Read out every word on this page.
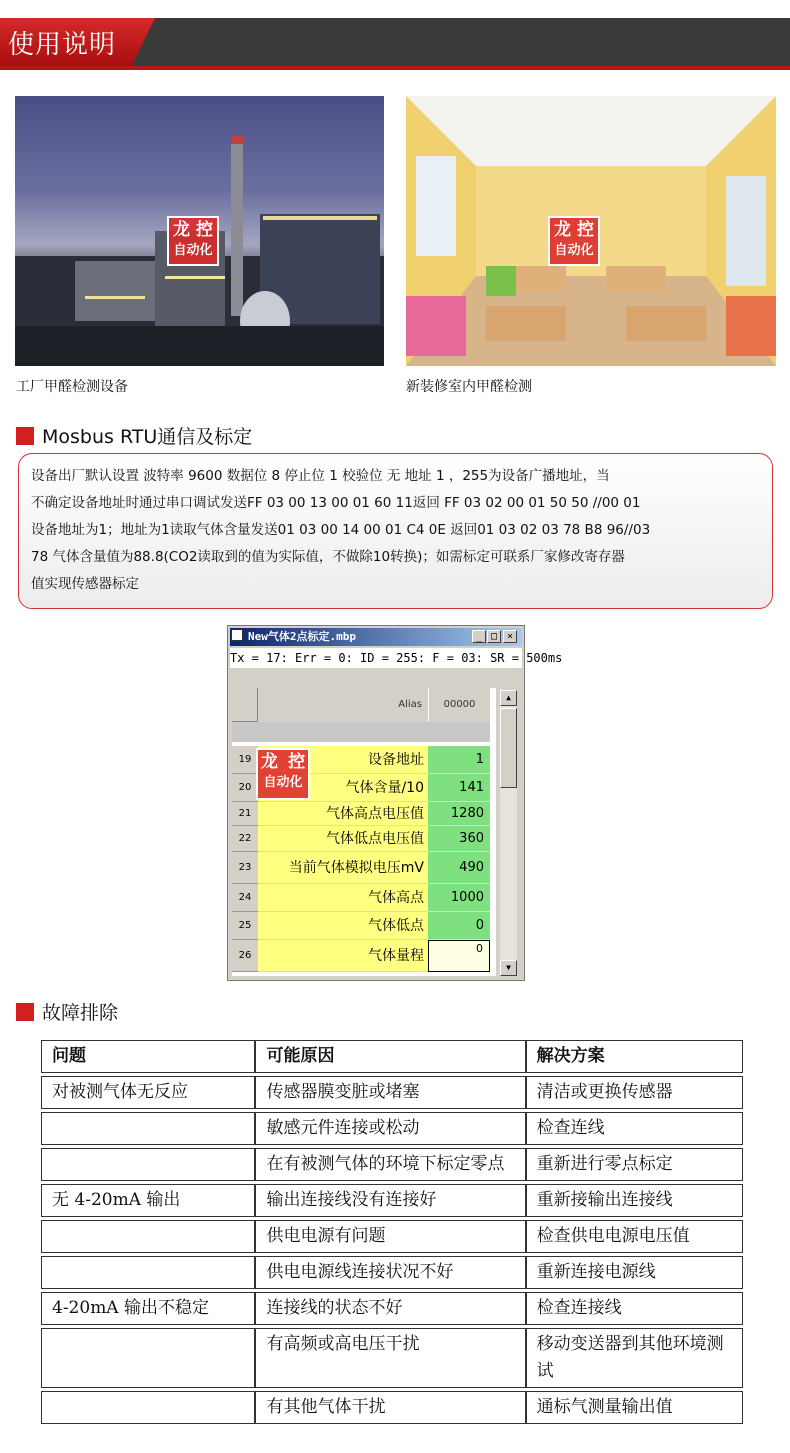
使用说明
龙 控
自动化
龙 控
自动化
工厂甲醛检测设备	新装修室内甲醛检测
Mosbus RTU通信及标定
设备出厂默认设置 波特率 9600 数据位 8 停止位 1 校验位 无 地址 1 ，255为设备广播地址，当
不确定设备地址时通过串口调试发送FF 03 00 13 00 01 60 11返回 FF 03 02 00 01 50 50 //00 01
设备地址为1；地址为1读取气体含量发送01 03 00 14 00 01 C4 0E 返回01 03 02 03 78 B8 96//03
78 气体含量值为88.8(CO2读取到的值为实际值，不做除10转换)；如需标定可联系厂家修改寄存器
值实现传感器标定
New气体2点标定.mbp	_ □ ×
Tx = 17: Err = 0: ID = 255: F = 03: SR = 500ms
Alias	00000
19	设备地址	1
20	气体含量/10	141
21	气体高点电压值	1280
22	气体低点电压值	360
23	当前气体模拟电压mV	490
24	气体高点	1000
25	气体低点	0
26	气体量程	0
龙 控
自动化
▲
▼
故障排除
问题	可能原因	解决方案
对被测气体无反应	传感器膜变脏或堵塞	清洁或更换传感器
	敏感元件连接或松动	检查连线
	在有被测气体的环境下标定零点	重新进行零点标定
无 4-20mA 输出	输出连接线没有连接好	重新接输出连接线
	供电电源有问题	检查供电电源电压值
	供电电源线连接状况不好	重新连接电源线
4-20mA 输出不稳定	连接线的状态不好	检查连接线
	有高频或高电压干扰	移动变送器到其他环境测试
	有其他气体干扰	通标气测量输出值
